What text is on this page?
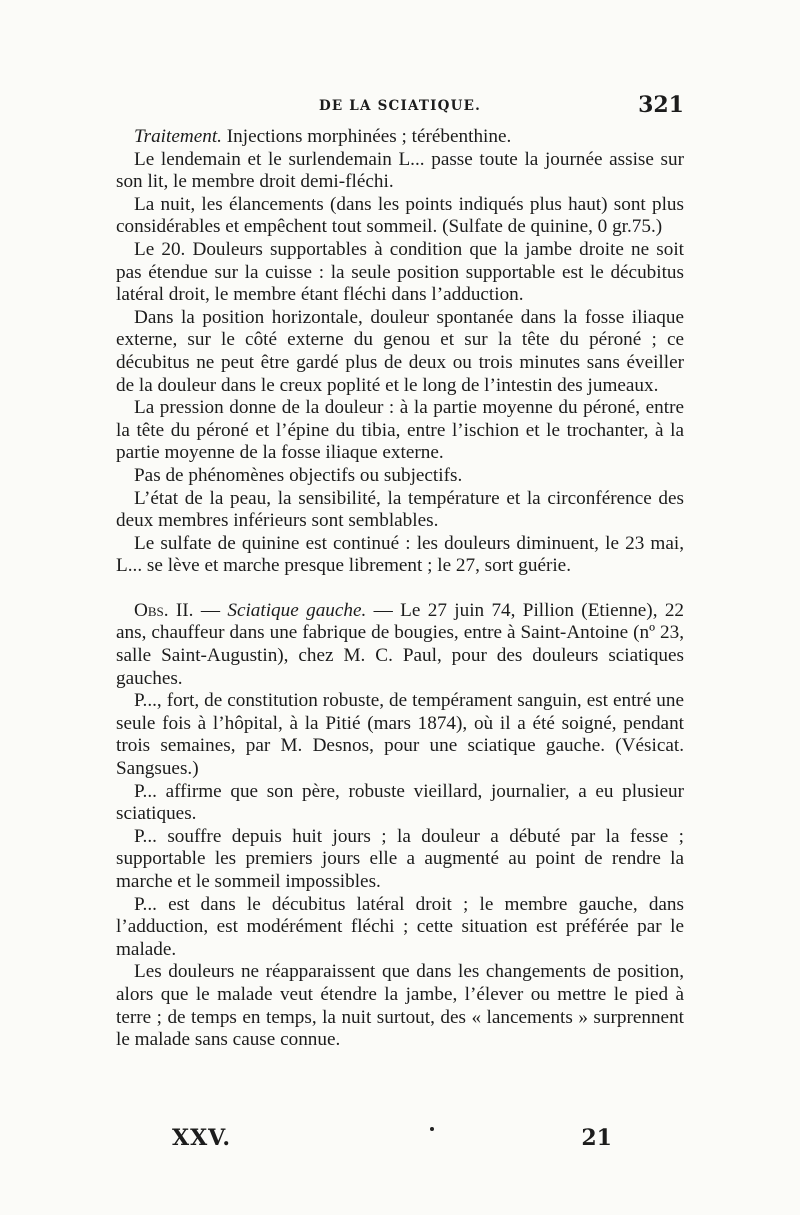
DE LA SCIATIQUE.	321

Traitement. Injections morphinées ; térébenthine.

Le lendemain et le surlendemain L... passe toute la journée assise sur son lit, le membre droit demi-fléchi.

La nuit, les élancements (dans les points indiqués plus haut) sont plus considérables et empêchent tout sommeil. (Sulfate de quinine, 0 gr.75.)

Le 20. Douleurs supportables à condition que la jambe droite ne soit pas étendue sur la cuisse : la seule position supportable est le décubitus latéral droit, le membre étant fléchi dans l’adduction.

Dans la position horizontale, douleur spontanée dans la fosse iliaque externe, sur le côté externe du genou et sur la tête du péroné ; ce décubitus ne peut être gardé plus de deux ou trois minutes sans éveiller de la douleur dans le creux poplité et le long de l’intestin des jumeaux.

La pression donne de la douleur : à la partie moyenne du péroné, entre la tête du péroné et l’épine du tibia, entre l’ischion et le trochanter, à la partie moyenne de la fosse iliaque externe.

Pas de phénomènes objectifs ou subjectifs.

L’état de la peau, la sensibilité, la température et la circonférence des deux membres inférieurs sont semblables.

Le sulfate de quinine est continué : les douleurs diminuent, le 23 mai, L... se lève et marche presque librement ; le 27, sort guérie.

Obs. II. — Sciatique gauche. — Le 27 juin 74, Pillion (Etienne), 22 ans, chauffeur dans une fabrique de bougies, entre à Saint-Antoine (nº 23, salle Saint-Augustin), chez M. C. Paul, pour des douleurs sciatiques gauches.

P..., fort, de constitution robuste, de tempérament sanguin, est entré une seule fois à l’hôpital, à la Pitié (mars 1874), où il a été soigné, pendant trois semaines, par M. Desnos, pour une sciatique gauche. (Vésicat. Sangsues.)

P... affirme que son père, robuste vieillard, journalier, a eu plusieur sciatiques.

P... souffre depuis huit jours ; la douleur a débuté par la fesse ; supportable les premiers jours elle a augmenté au point de rendre la marche et le sommeil impossibles.

P... est dans le décubitus latéral droit ; le membre gauche, dans l’adduction, est modérément fléchi ; cette situation est préférée par le malade.

Les douleurs ne réapparaissent que dans les changements de position, alors que le malade veut étendre la jambe, l’élever ou mettre le pied à terre ; de temps en temps, la nuit surtout, des « lancements » surprennent le malade sans cause connue.

XXV.	21
